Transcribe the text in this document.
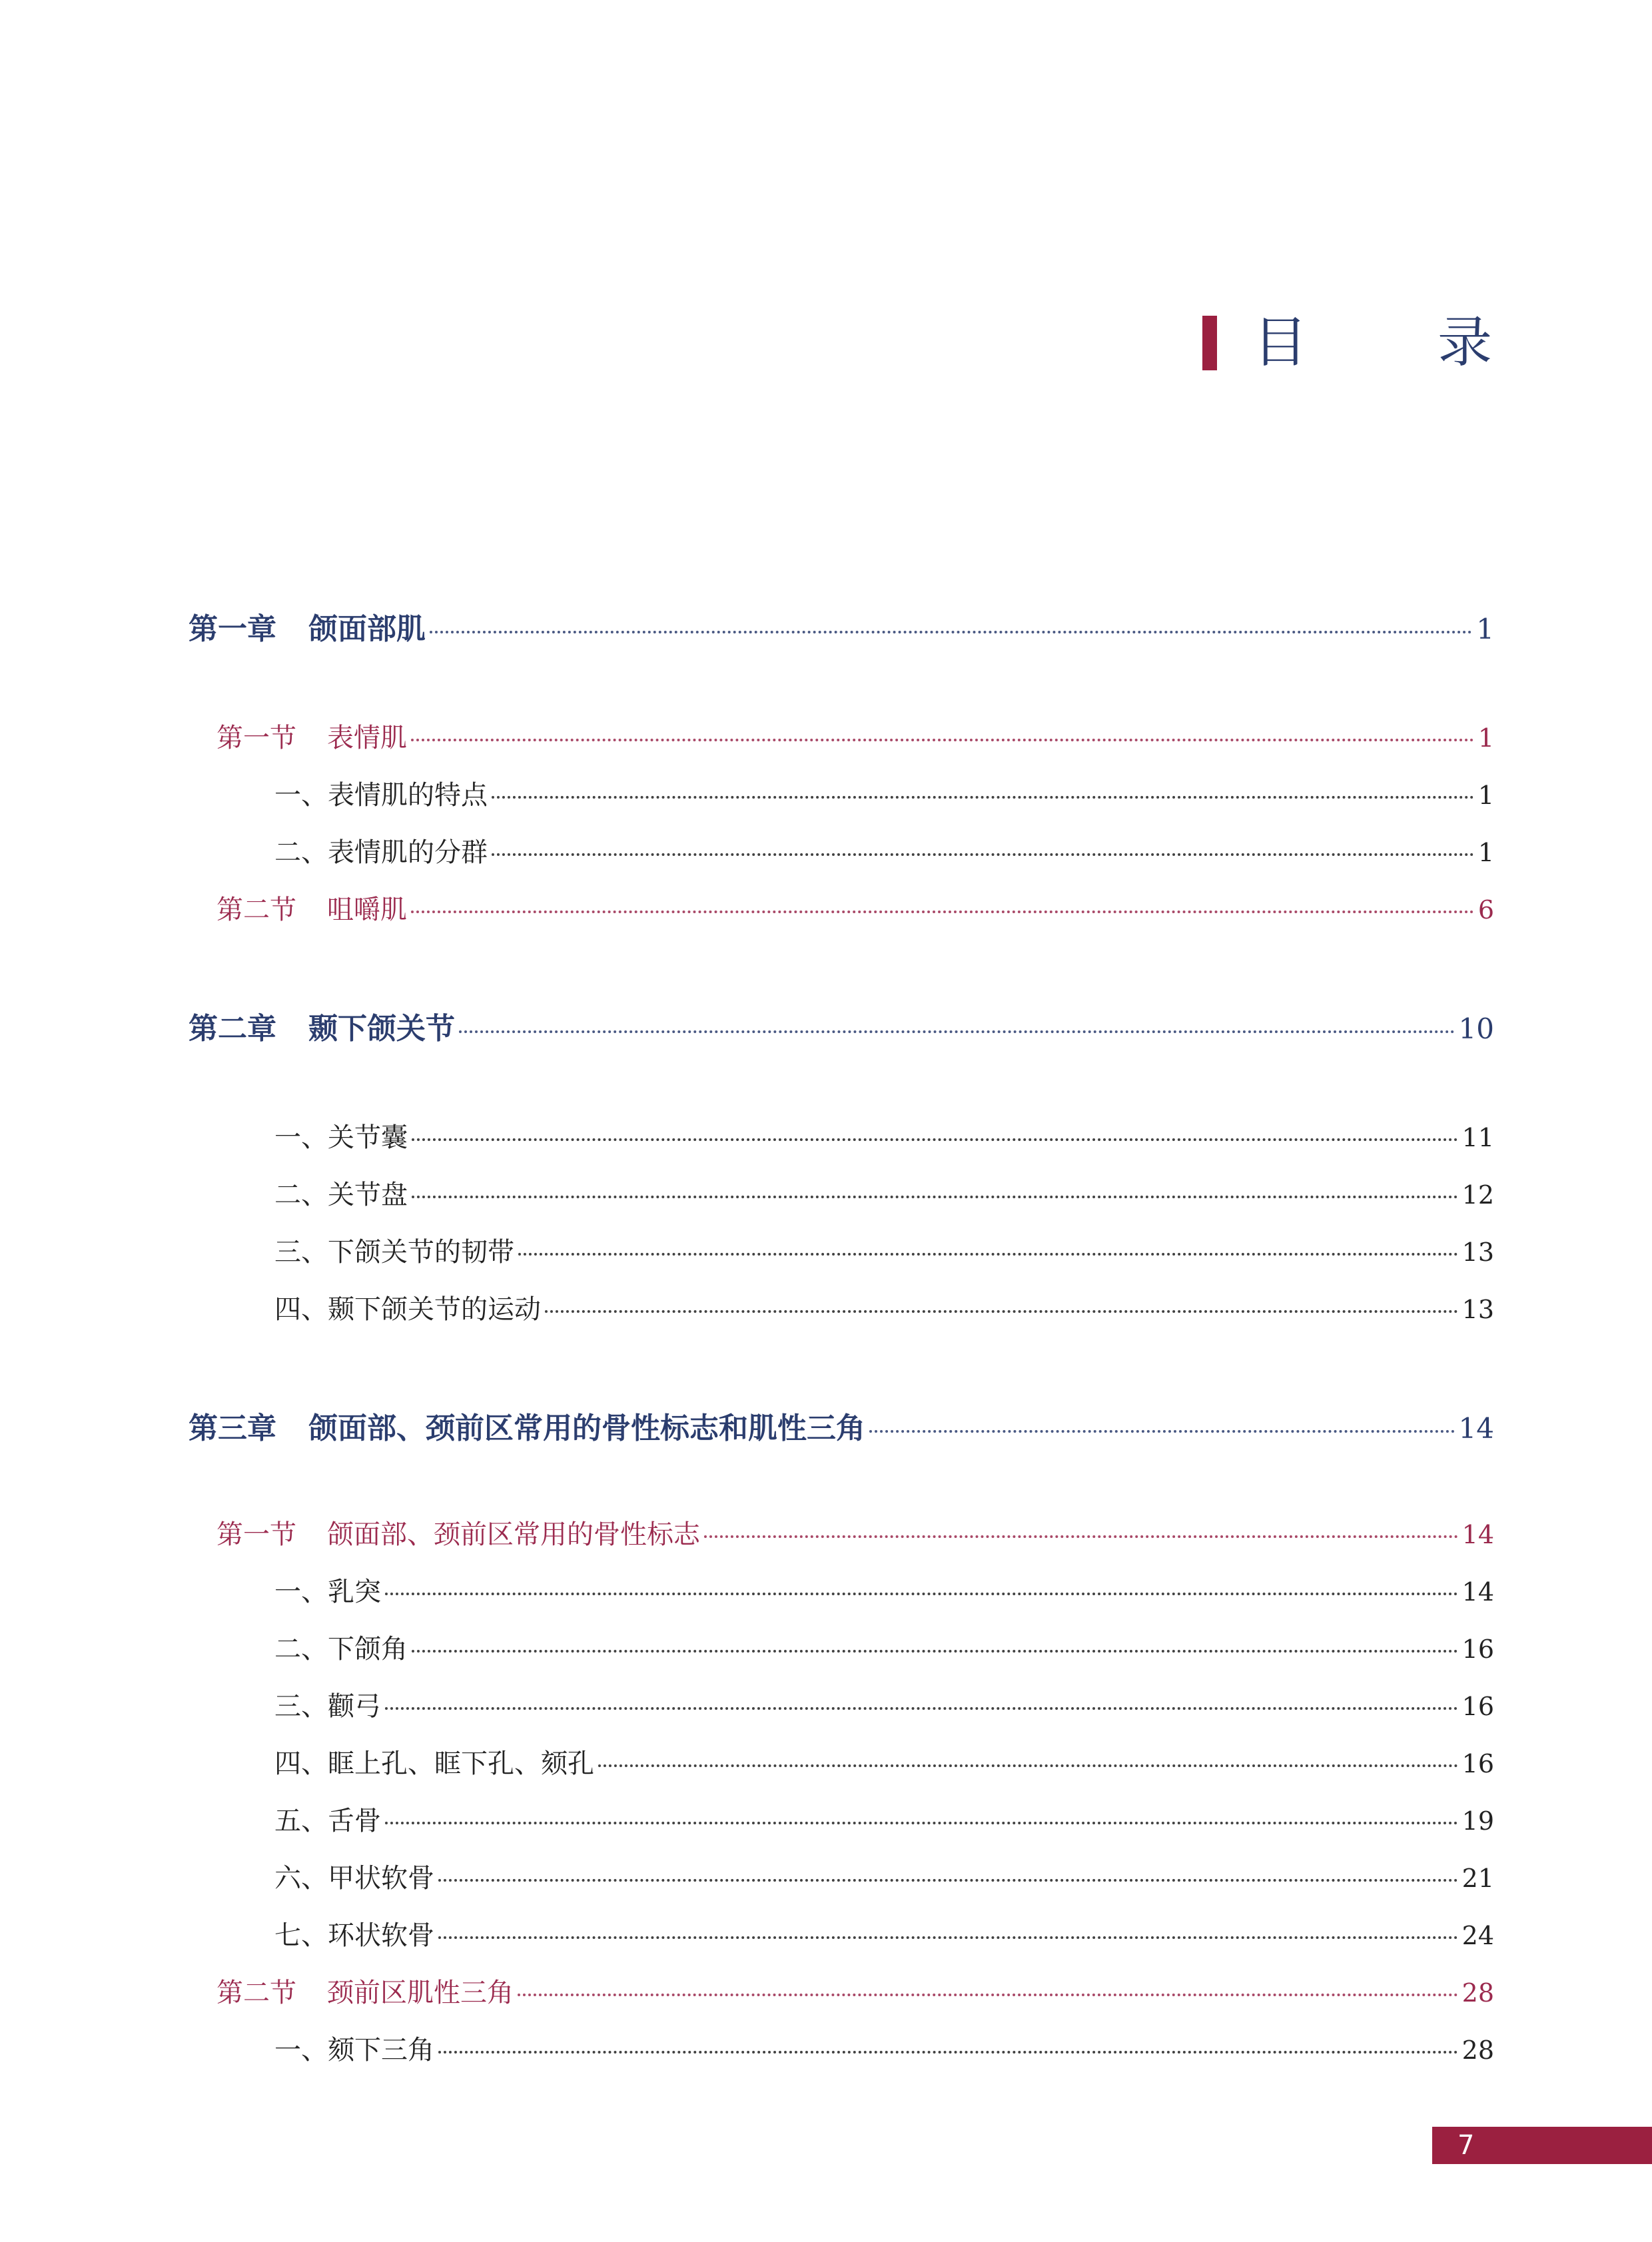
目 录
第一章 颌面部肌	1
第一节 表情肌	1
一、表情肌的特点	1
二、表情肌的分群	1
第二节 咀嚼肌	6
第二章 颞下颌关节	10
一、关节囊	11
二、关节盘	12
三、下颌关节的韧带	13
四、颞下颌关节的运动	13
第三章 颌面部、颈前区常用的骨性标志和肌性三角	14
第一节 颌面部、颈前区常用的骨性标志	14
一、乳突	14
二、下颌角	16
三、颧弓	16
四、眶上孔、眶下孔、颏孔	16
五、舌骨	19
六、甲状软骨	21
七、环状软骨	24
第二节 颈前区肌性三角	28
一、颏下三角	28
7
